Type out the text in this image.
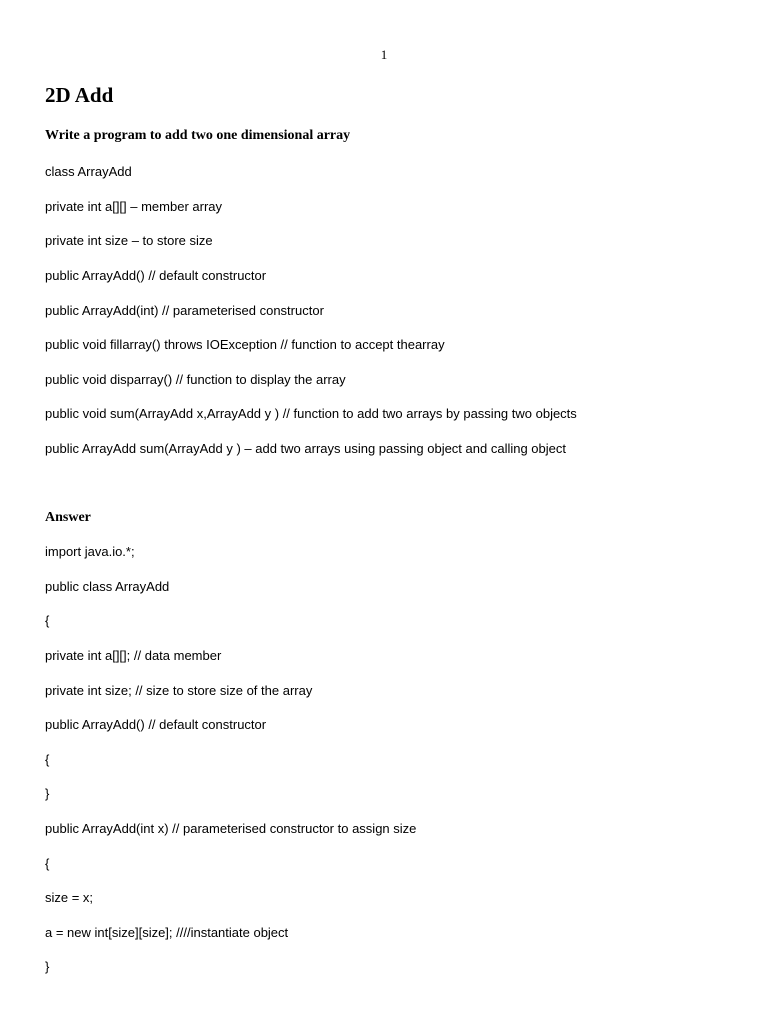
1
2D Add

Write a program to add two one dimensional array

class ArrayAdd

private int a[][] – member array

private int size – to store size

public ArrayAdd() // default constructor

public ArrayAdd(int) // parameterised constructor

public void fillarray() throws IOException // function to accept thearray

public void disparray() // function to display the array

public void sum(ArrayAdd x,ArrayAdd y ) // function to add two arrays by passing two objects

public ArrayAdd sum(ArrayAdd y ) – add two arrays using passing object and calling object

Answer

import java.io.*;

public class ArrayAdd

{

private int a[][]; // data member

private int size; // size to store size of the array

public ArrayAdd() // default constructor

{

}

public ArrayAdd(int x) // parameterised constructor to assign size

{

size = x;

a = new int[size][size]; ////instantiate object

}
